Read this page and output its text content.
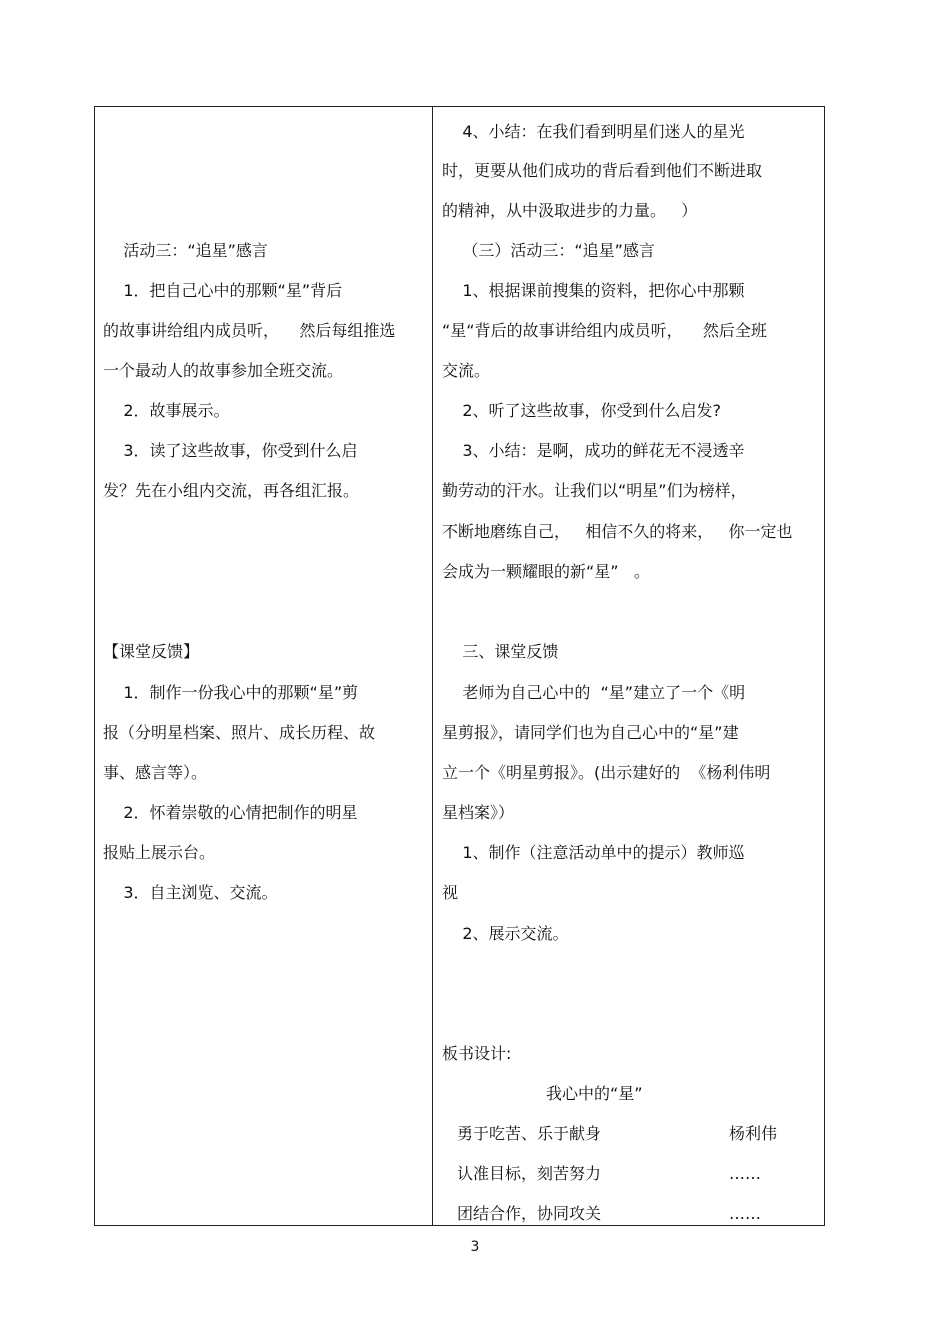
活动三：“追星”感言
1．把自己心中的那颗“星”背后
的故事讲给组内成员听，    然后每组推选
一个最动人的故事参加全班交流。
2．故事展示。
3．读了这些故事，你受到什么启
发？先在小组内交流，再各组汇报。
【课堂反馈】
1．制作一份我心中的那颗“星”剪
报（分明星档案、照片、成长历程、故
事、感言等）。
2．怀着崇敬的心情把制作的明星
报贴上展示台。
3．自主浏览、交流。
4、小结：在我们看到明星们迷人的星光
时，更要从他们成功的背后看到他们不断进取
的精神，从中汲取进步的力量。   ）
（三）活动三：“追星”感言
1、根据课前搜集的资料，把你心中那颗
“星“背后的故事讲给组内成员听，    然后全班
交流。
2、听了这些故事，你受到什么启发?
3、小结：是啊，成功的鲜花无不浸透辛
勤劳动的汗水。让我们以“明星”们为榜样，
不断地磨练自己，   相信不久的将来，   你一定也
会成为一颗耀眼的新“星”   。
三、课堂反馈
老师为自己心中的  “星”建立了一个《明
星剪报》，请同学们也为自己心中的“星”建
立一个《明星剪报》。(出示建好的  《杨利伟明
星档案》）
1、制作（注意活动单中的提示）教师巡
视
2、展示交流。
板书设计:
我心中的“星”
勇于吃苦、乐于献身	杨利伟
认准目标，刻苦努力	……
团结合作，协同攻关	……
3
